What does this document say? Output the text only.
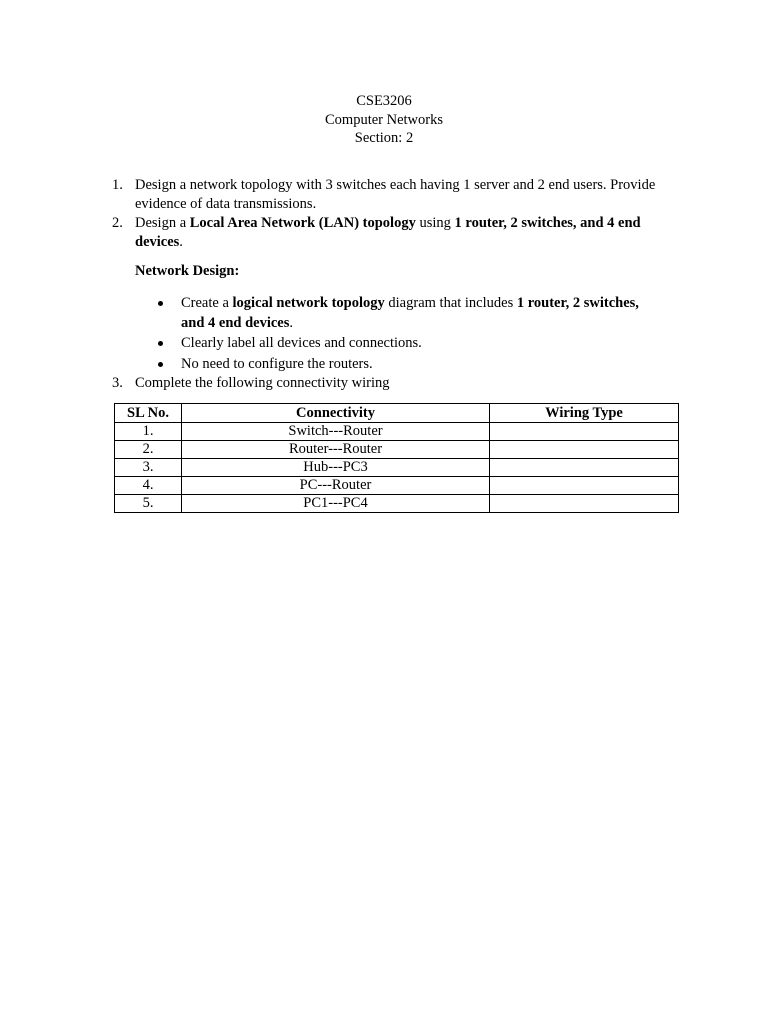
CSE3206
Computer Networks
Section: 2
1. Design a network topology with 3 switches each having 1 server and 2 end users. Provide
evidence of data transmissions.
2. Design a Local Area Network (LAN) topology using 1 router, 2 switches, and 4 end
devices.
Network Design:
Create a logical network topology diagram that includes 1 router, 2 switches,
and 4 end devices.
Clearly label all devices and connections.
No need to configure the routers.
3. Complete the following connectivity wiring
SL No.	Connectivity	Wiring Type
1.	Switch---Router	
2.	Router---Router	
3.	Hub---PC3	
4.	PC---Router	
5.	PC1---PC4	
